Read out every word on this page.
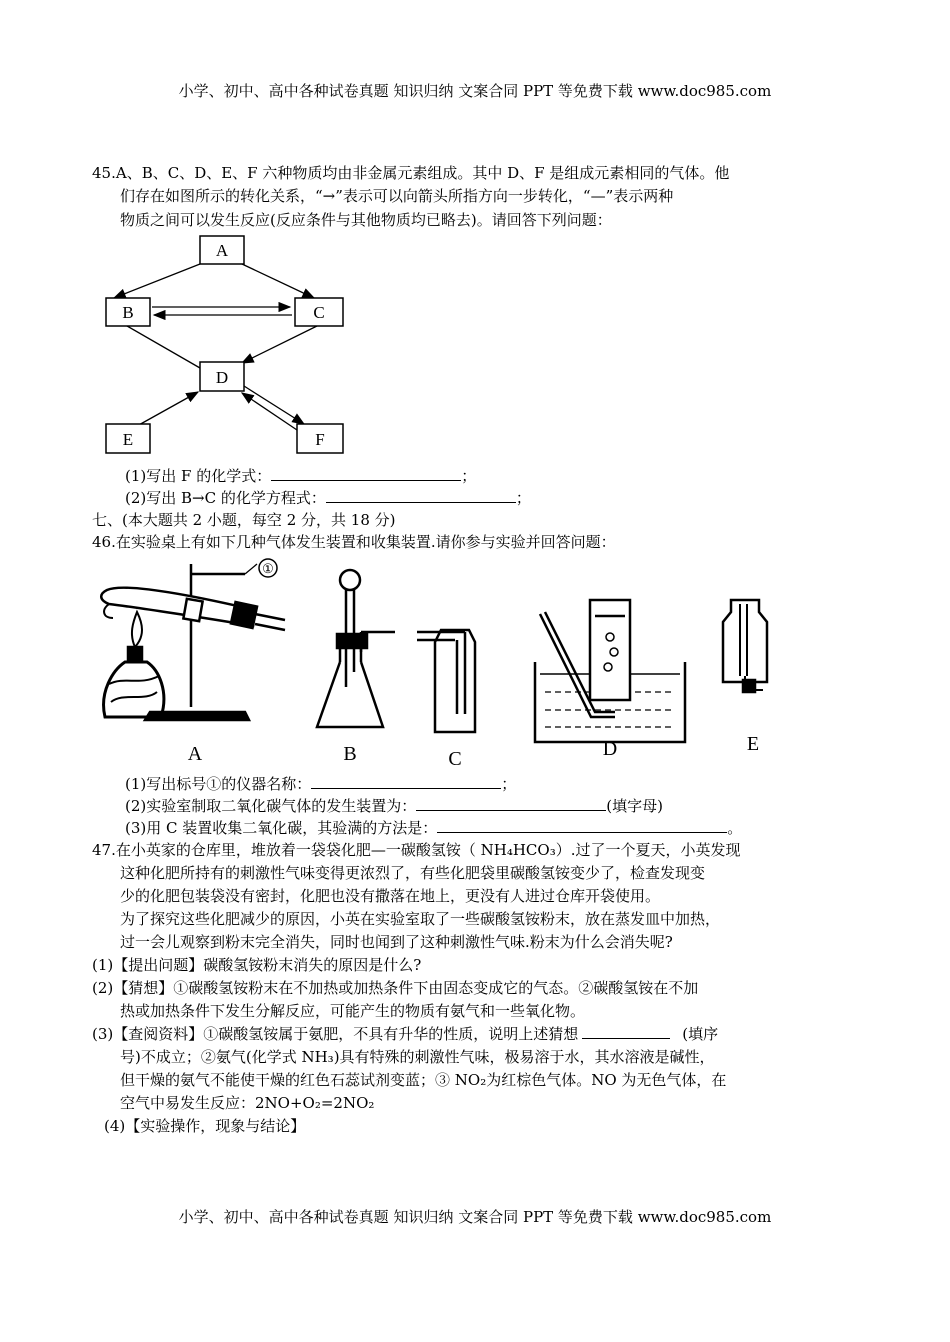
小学、初中、高中各种试卷真题 知识归纳 文案合同 PPT 等免费下载 www.doc985.com
45.A、B、C、D、E、F 六种物质均由非金属元素组成。其中 D、F 是组成元素相同的气体。他
们存在如图所示的转化关系，“→”表示可以向箭头所指方向一步转化，“—”表示两种
物质之间可以发生反应(反应条件与其他物质均已略去)。请回答下列问题：
A
B	C
D
E	F
(1)写出 F 的化学式：	；
(2)写出 B→C 的化学方程式：	；
七、(本大题共 2 小题，每空 2 分，共 18 分)
46.在实验桌上有如下几种气体发生装置和收集装置.请你参与实验并回答问题：
A	B	C	D	E
①
(1)写出标号①的仪器名称：	；
(2)实验室制取二氧化碳气体的发生装置为：	(填字母)
(3)用 C 装置收集二氧化碳，其验满的方法是：	。
47.在小英家的仓库里，堆放着一袋袋化肥—一碳酸氢铵（ NH₄HCO₃）.过了一个夏天，小英发现
这种化肥所持有的刺激性气味变得更浓烈了，有些化肥袋里碳酸氢铵变少了，检查发现变
少的化肥包装袋没有密封，化肥也没有撒落在地上，更没有人进过仓库开袋使用。
为了探究这些化肥减少的原因，小英在实验室取了一些碳酸氢铵粉末，放在蒸发皿中加热，
过一会儿观察到粉末完全消失，同时也闻到了这种刺激性气味.粉末为什么会消失呢?
(1)【提出问题】碳酸氢铵粉末消失的原因是什么?
(2)【猜想】①碳酸氢铵粉末在不加热或加热条件下由固态变成它的气态。②碳酸氢铵在不加
热或加热条件下发生分解反应，可能产生的物质有氨气和一些氧化物。
(3)【查阅资料】①碳酸氢铵属于氨肥，不具有升华的性质，说明上述猜想	(填序
号)不成立；②氨气(化学式 NH₃)具有特殊的刺激性气味，极易溶于水，其水溶液是碱性，
但干燥的氨气不能使干燥的红色石蕊试剂变蓝；③ NO₂为红棕色气体。NO 为无色气体，在
空气中易发生反应：2NO+O₂=2NO₂
(4)【实验操作，现象与结论】
小学、初中、高中各种试卷真题 知识归纳 文案合同 PPT 等免费下载 www.doc985.com
